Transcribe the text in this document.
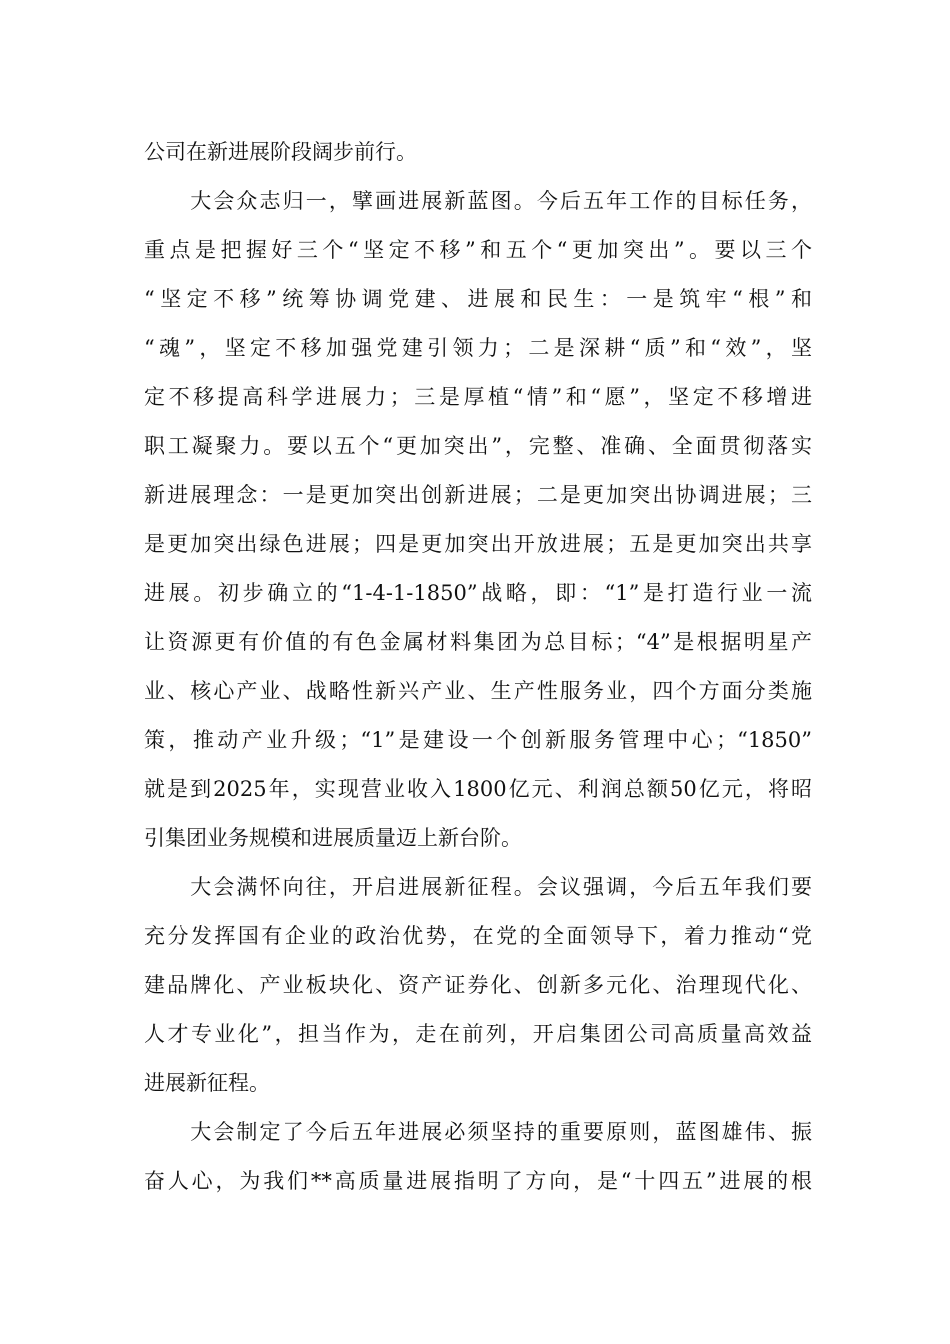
公司在新进展阶段阔步前行。
　　大会众志归一，擘画进展新蓝图。今后五年工作的目标任务，
重点是把握好三个“坚定不移”和五个“更加突出”。要以三个
“坚定不移”统筹协调党建、进展和民生：一是筑牢“根”和
“魂”，坚定不移加强党建引领力；二是深耕“质”和“效”，坚
定不移提高科学进展力；三是厚植“情”和“愿”，坚定不移增进
职工凝聚力。要以五个“更加突出”，完整、准确、全面贯彻落实
新进展理念：一是更加突出创新进展；二是更加突出协调进展；三
是更加突出绿色进展；四是更加突出开放进展；五是更加突出共享
进展。初步确立的“1-4-1-1850”战略，即：“1”是打造行业一流
让资源更有价值的有色金属材料集团为总目标；“4”是根据明星产
业、核心产业、战略性新兴产业、生产性服务业，四个方面分类施
策，推动产业升级；“1”是建设一个创新服务管理中心；“1850”
就是到2025年，实现营业收入1800亿元、利润总额50亿元，将昭
引集团业务规模和进展质量迈上新台阶。
　　大会满怀向往，开启进展新征程。会议强调，今后五年我们要
充分发挥国有企业的政治优势，在党的全面领导下，着力推动“党
建品牌化、产业板块化、资产证券化、创新多元化、治理现代化、
人才专业化”，担当作为，走在前列，开启集团公司高质量高效益
进展新征程。
　　大会制定了今后五年进展必须坚持的重要原则，蓝图雄伟、振
奋人心，为我们**高质量进展指明了方向，是“十四五”进展的根
